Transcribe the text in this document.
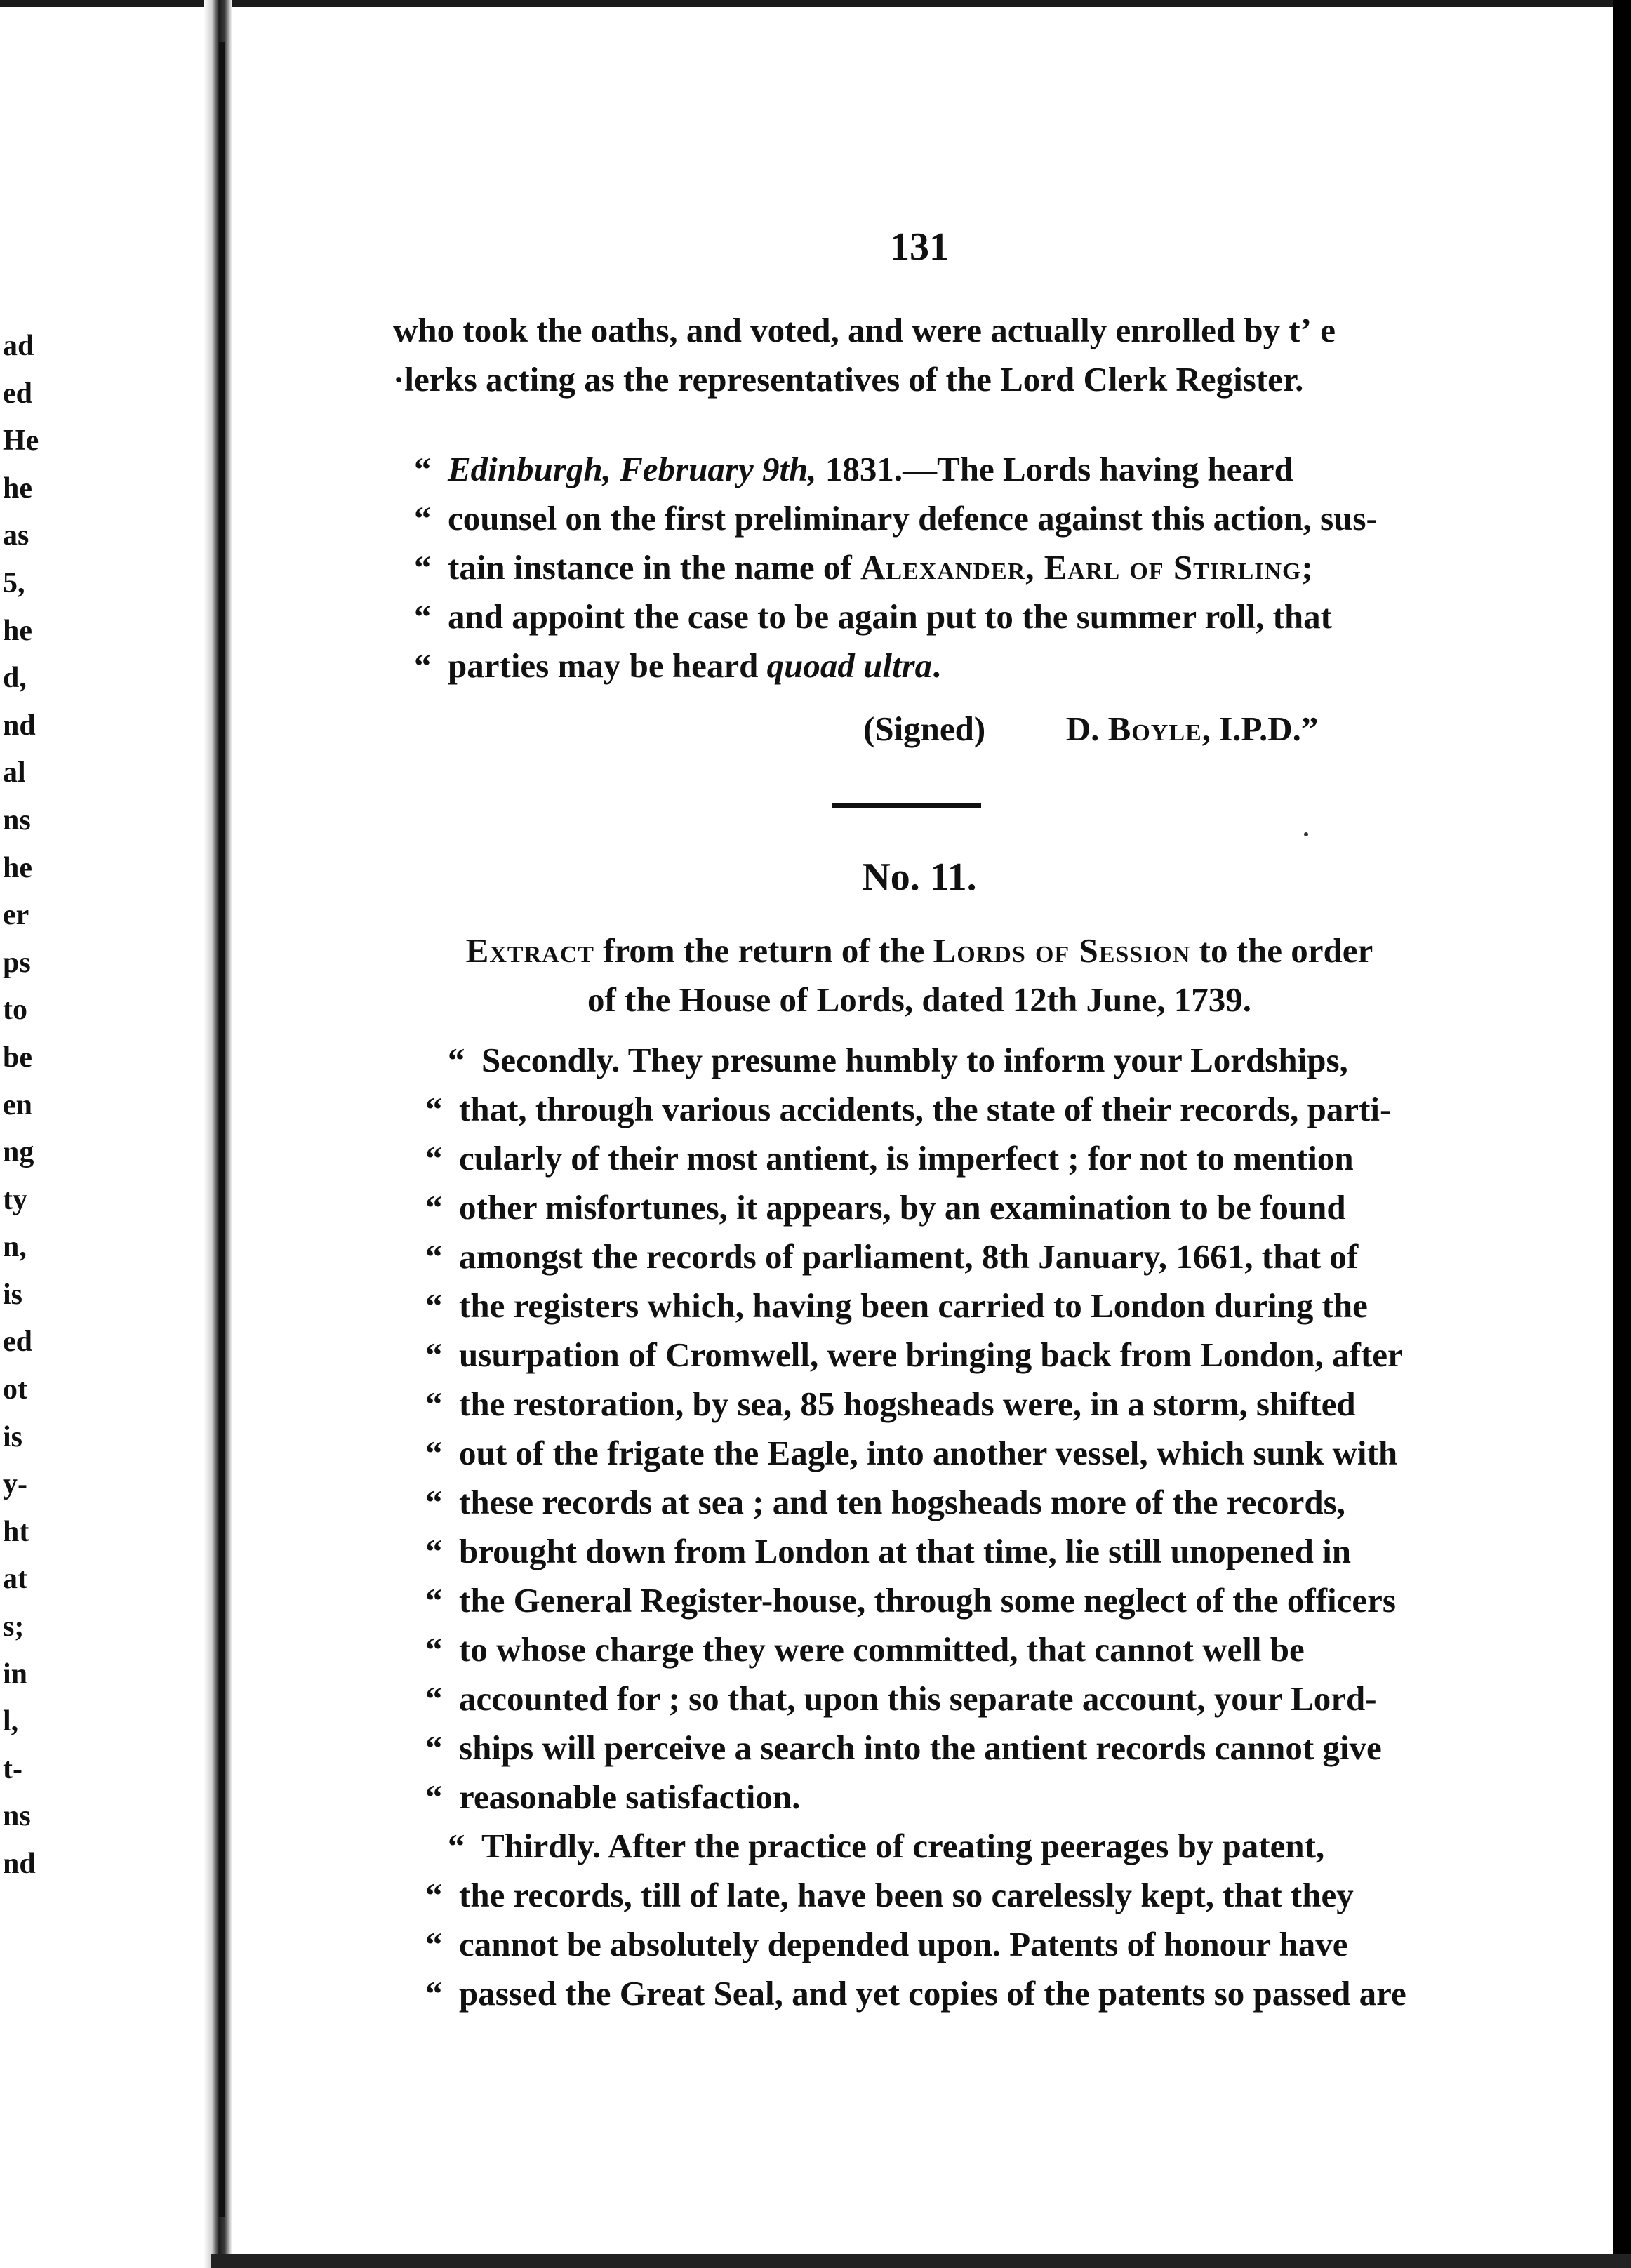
ad
ed
He
he
as
5,
he
d,
nd
al
ns
he
er
ps
to
be
en
ng
ty
n,
is
ed
ot
is
y-
ht
at
s;
in
l,
t-
ns
nd
131
who took the oaths, and voted, and were actually enrolled by tʼ e
·lerks acting as the representatives of the Lord Clerk Register.
“ Edinburgh, February 9th, 1831.—The Lords having heard
“ counsel on the first preliminary defence against this action, sus-
“ tain instance in the name of Alexander, Earl of Stirling;
“ and appoint the case to be again put to the summer roll, that
“ parties may be heard quoad ultra.
(Signed) D. Boyle, I.P.D.”
No. 11.
Extract from the return of the Lords of Session to the order
of the House of Lords, dated 12th June, 1739.
“ Secondly. They presume humbly to inform your Lordships,
“ that, through various accidents, the state of their records, parti-
“ cularly of their most antient, is imperfect ; for not to mention
“ other misfortunes, it appears, by an examination to be found
“ amongst the records of parliament, 8th January, 1661, that of
“ the registers which, having been carried to London during the
“ usurpation of Cromwell, were bringing back from London, after
“ the restoration, by sea, 85 hogsheads were, in a storm, shifted
“ out of the frigate the Eagle, into another vessel, which sunk with
“ these records at sea ; and ten hogsheads more of the records,
“ brought down from London at that time, lie still unopened in
“ the General Register-house, through some neglect of the officers
“ to whose charge they were committed, that cannot well be
“ accounted for ; so that, upon this separate account, your Lord-
“ ships will perceive a search into the antient records cannot give
“ reasonable satisfaction.
“ Thirdly. After the practice of creating peerages by patent,
“ the records, till of late, have been so carelessly kept, that they
“ cannot be absolutely depended upon. Patents of honour have
“ passed the Great Seal, and yet copies of the patents so passed are
